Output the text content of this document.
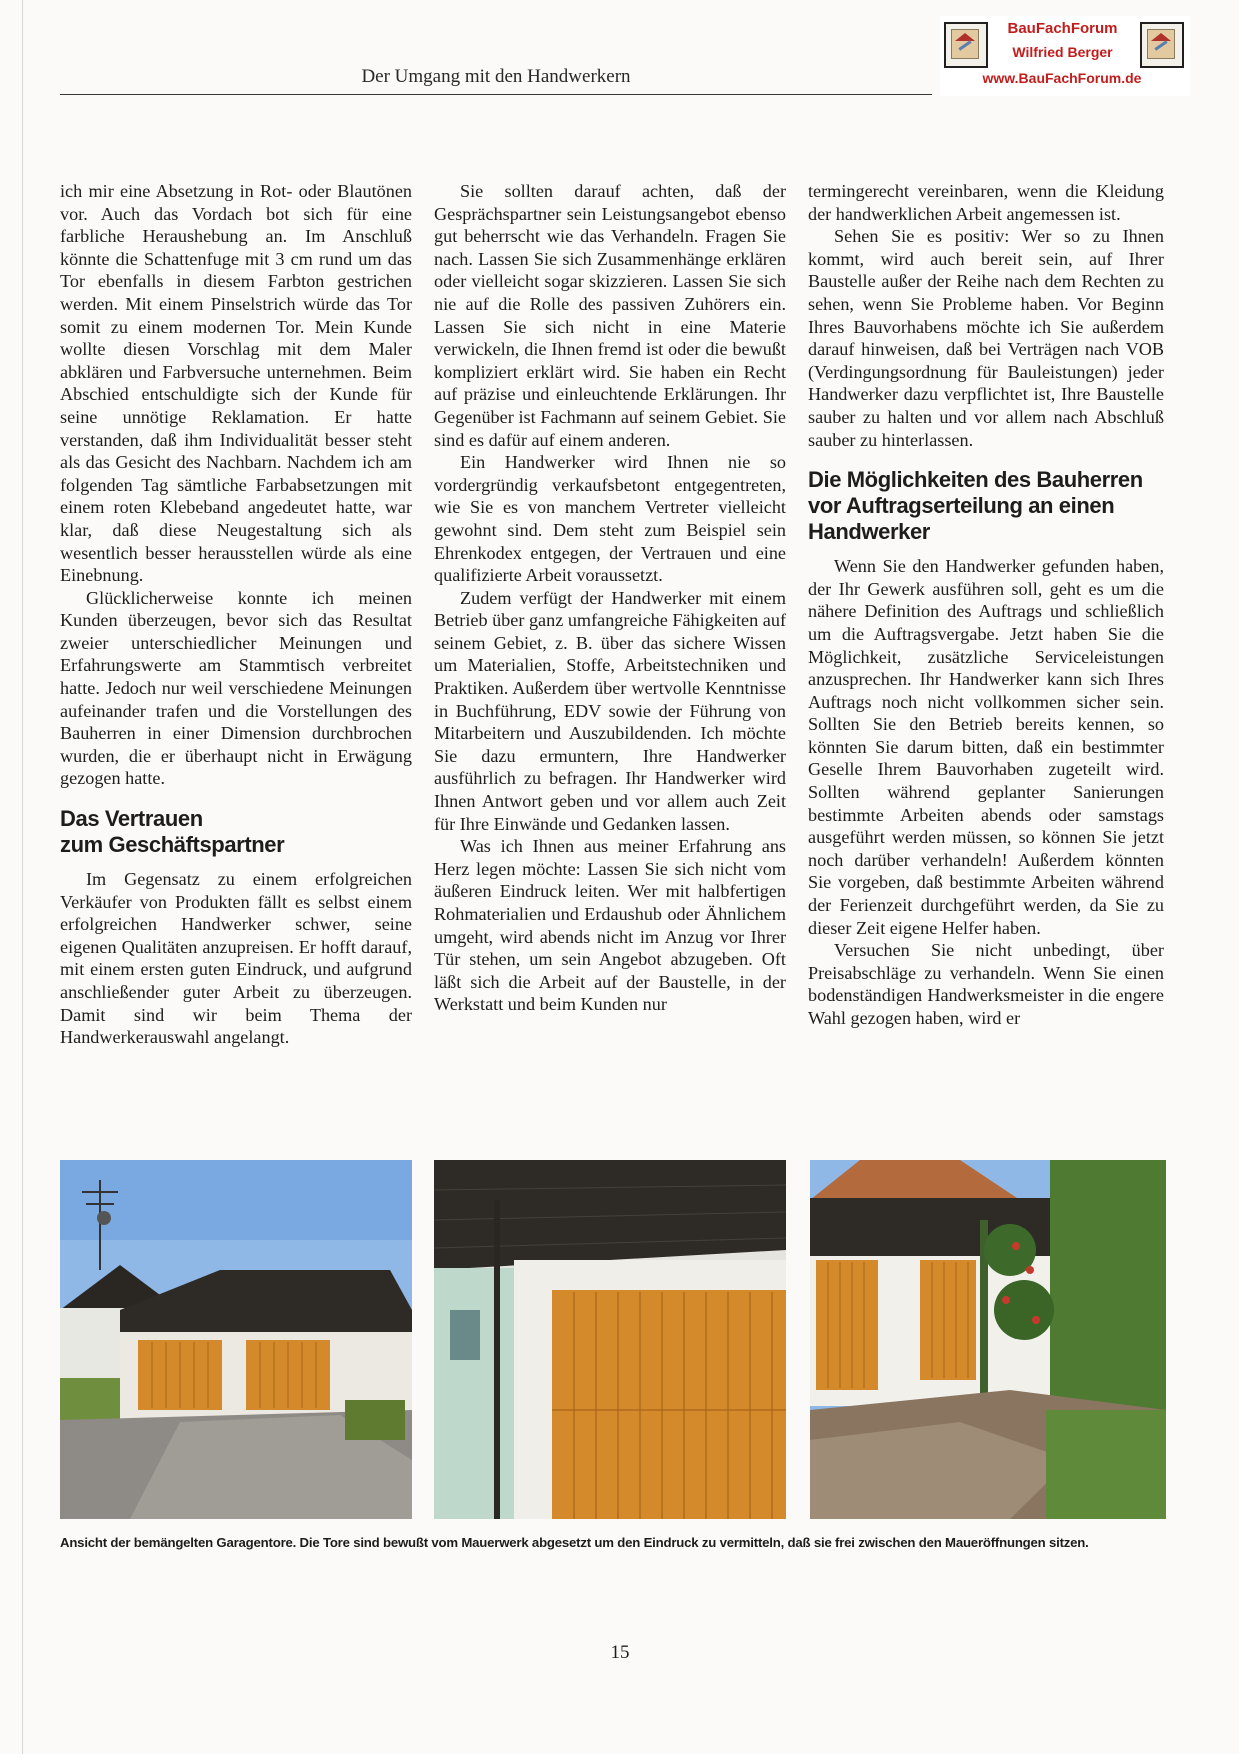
Der Umgang mit den Handwerkern
BauFachForum
Wilfried Berger
www.BauFachForum.de

ich mir eine Absetzung in Rot- oder Blautönen vor. Auch das Vordach bot sich für eine farbliche Heraushebung an. Im Anschluß könnte die Schattenfuge mit 3 cm rund um das Tor ebenfalls in diesem Farbton gestrichen werden. Mit einem Pinselstrich würde das Tor somit zu einem modernen Tor. Mein Kunde wollte diesen Vorschlag mit dem Maler abklären und Farbversuche unternehmen. Beim Abschied entschuldigte sich der Kunde für seine unnötige Reklamation. Er hatte verstanden, daß ihm Individualität besser steht als das Gesicht des Nachbarn. Nachdem ich am folgenden Tag sämtliche Farbabsetzungen mit einem roten Klebeband angedeutet hatte, war klar, daß diese Neugestaltung sich als wesentlich besser herausstellen würde als eine Einebnung.

Glücklicherweise konnte ich meinen Kunden überzeugen, bevor sich das Resultat zweier unterschiedlicher Meinungen und Erfahrungswerte am Stammtisch verbreitet hatte. Jedoch nur weil verschiedene Meinungen aufeinander trafen und die Vorstellungen des Bauherren in einer Dimension durchbrochen wurden, die er überhaupt nicht in Erwägung gezogen hatte.

Das Vertrauen
zum Geschäftspartner

Im Gegensatz zu einem erfolgreichen Verkäufer von Produkten fällt es selbst einem erfolgreichen Handwerker schwer, seine eigenen Qualitäten anzupreisen. Er hofft darauf, mit einem ersten guten Eindruck, und aufgrund anschließender guter Arbeit zu überzeugen. Damit sind wir beim Thema der Handwerkerauswahl angelangt.

Sie sollten darauf achten, daß der Gesprächspartner sein Leistungsangebot ebenso gut beherrscht wie das Verhandeln. Fragen Sie nach. Lassen Sie sich Zusammenhänge erklären oder vielleicht sogar skizzieren. Lassen Sie sich nie auf die Rolle des passiven Zuhörers ein. Lassen Sie sich nicht in eine Materie verwickeln, die Ihnen fremd ist oder die bewußt kompliziert erklärt wird. Sie haben ein Recht auf präzise und einleuchtende Erklärungen. Ihr Gegenüber ist Fachmann auf seinem Gebiet. Sie sind es dafür auf einem anderen.

Ein Handwerker wird Ihnen nie so vordergründig verkaufsbetont entgegentreten, wie Sie es von manchem Vertreter vielleicht gewohnt sind. Dem steht zum Beispiel sein Ehrenkodex entgegen, der Vertrauen und eine qualifizierte Arbeit voraussetzt.

Zudem verfügt der Handwerker mit einem Betrieb über ganz umfangreiche Fähigkeiten auf seinem Gebiet, z. B. über das sichere Wissen um Materialien, Stoffe, Arbeitstechniken und Praktiken. Außerdem über wertvolle Kenntnisse in Buchführung, EDV sowie der Führung von Mitarbeitern und Auszubildenden. Ich möchte Sie dazu ermuntern, Ihre Handwerker ausführlich zu befragen. Ihr Handwerker wird Ihnen Antwort geben und vor allem auch Zeit für Ihre Einwände und Gedanken lassen.

Was ich Ihnen aus meiner Erfahrung ans Herz legen möchte: Lassen Sie sich nicht vom äußeren Eindruck leiten. Wer mit halbfertigen Rohmaterialien und Erdaushub oder Ähnlichem umgeht, wird abends nicht im Anzug vor Ihrer Tür stehen, um sein Angebot abzugeben. Oft läßt sich die Arbeit auf der Baustelle, in der Werkstatt und beim Kunden nur

termingerecht vereinbaren, wenn die Kleidung der handwerklichen Arbeit angemessen ist.

Sehen Sie es positiv: Wer so zu Ihnen kommt, wird auch bereit sein, auf Ihrer Baustelle außer der Reihe nach dem Rechten zu sehen, wenn Sie Probleme haben. Vor Beginn Ihres Bauvorhabens möchte ich Sie außerdem darauf hinweisen, daß bei Verträgen nach VOB (Verdingungsordnung für Bauleistungen) jeder Handwerker dazu verpflichtet ist, Ihre Baustelle sauber zu halten und vor allem nach Abschluß sauber zu hinterlassen.

Die Möglichkeiten des Bauherren
vor Auftragserteilung an einen
Handwerker

Wenn Sie den Handwerker gefunden haben, der Ihr Gewerk ausführen soll, geht es um die nähere Definition des Auftrags und schließlich um die Auftragsvergabe. Jetzt haben Sie die Möglichkeit, zusätzliche Serviceleistungen anzusprechen. Ihr Handwerker kann sich Ihres Auftrags noch nicht vollkommen sicher sein. Sollten Sie den Betrieb bereits kennen, so könnten Sie darum bitten, daß ein bestimmter Geselle Ihrem Bauvorhaben zugeteilt wird. Sollten während geplanter Sanierungen bestimmte Arbeiten abends oder samstags ausgeführt werden müssen, so können Sie jetzt noch darüber verhandeln! Außerdem könnten Sie vorgeben, daß bestimmte Arbeiten während der Ferienzeit durchgeführt werden, da Sie zu dieser Zeit eigene Helfer haben.

Versuchen Sie nicht unbedingt, über Preisabschläge zu verhandeln. Wenn Sie einen bodenständigen Handwerksmeister in die engere Wahl gezogen haben, wird er

Ansicht der bemängelten Garagentore. Die Tore sind bewußt vom Mauerwerk abgesetzt um den Eindruck zu vermitteln, daß sie frei zwischen den Maueröffnungen sitzen.
15
